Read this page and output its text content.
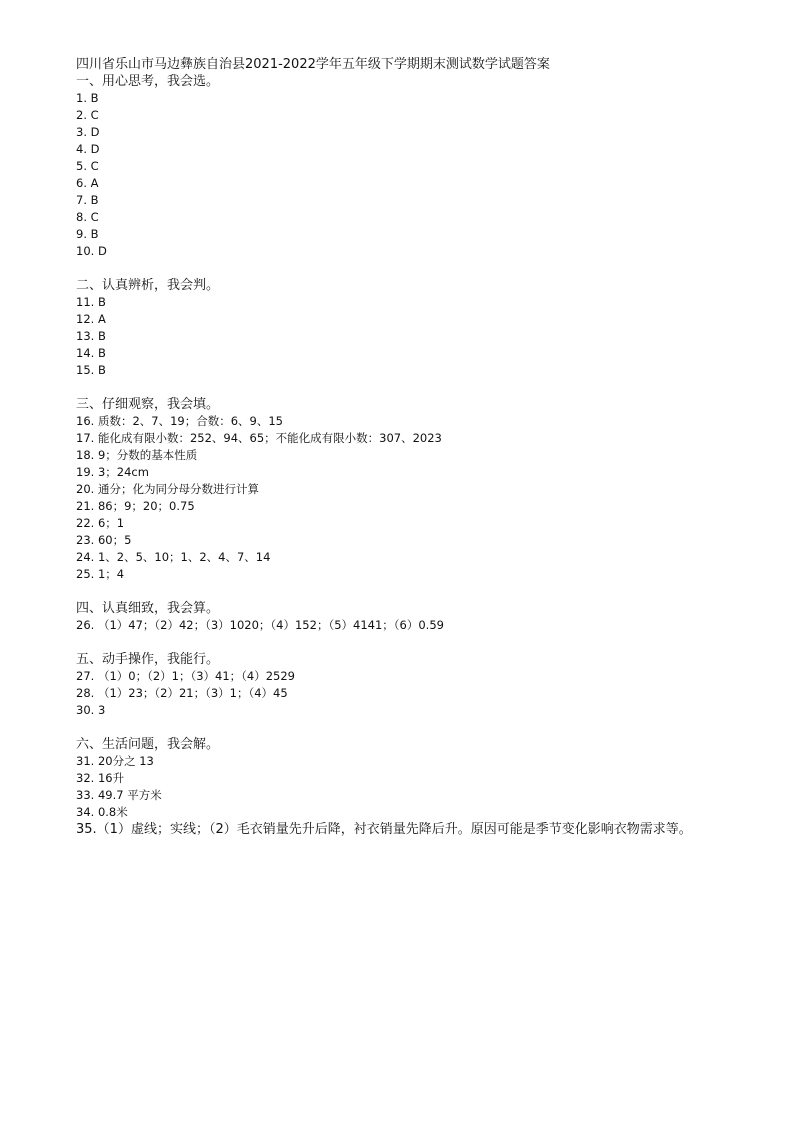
四川省乐山市马边彝族自治县2021-2022学年五年级下学期期末测试数学试题答案

一、用心思考，我会选。

1. B

2. C

3. D

4. D

5. C

6. A

7. B

8. C

9. B

10. D

二、认真辨析，我会判。

11. B

12. A

13. B

14. B

15. B

三、仔细观察，我会填。

16. 质数：2、7、19；合数：6、9、15

17. 能化成有限小数：252、94、65；不能化成有限小数：307、2023

18. 9；分数的基本性质

19. 3；24cm

20. 通分；化为同分母分数进行计算

21. 86；9；20；0.75

22. 6；1

23. 60；5

24. 1、2、5、10；1、2、4、7、14

25. 1；4

四、认真细致，我会算。

26. （1）47；（2）42；（3）1020；（4）152；（5）4141；（6）0.59

五、动手操作，我能行。

27. （1）0；（2）1；（3）41；（4）2529

28. （1）23；（2）21；（3）1；（4）45

30. 3

六、生活问题，我会解。

31. 20分之 13

32. 16升

33. 49.7 平方米

34. 0.8米

35.（1）虚线；实线；（2）毛衣销量先升后降，衬衣销量先降后升。原因可能是季节变化影响衣物需求等。
